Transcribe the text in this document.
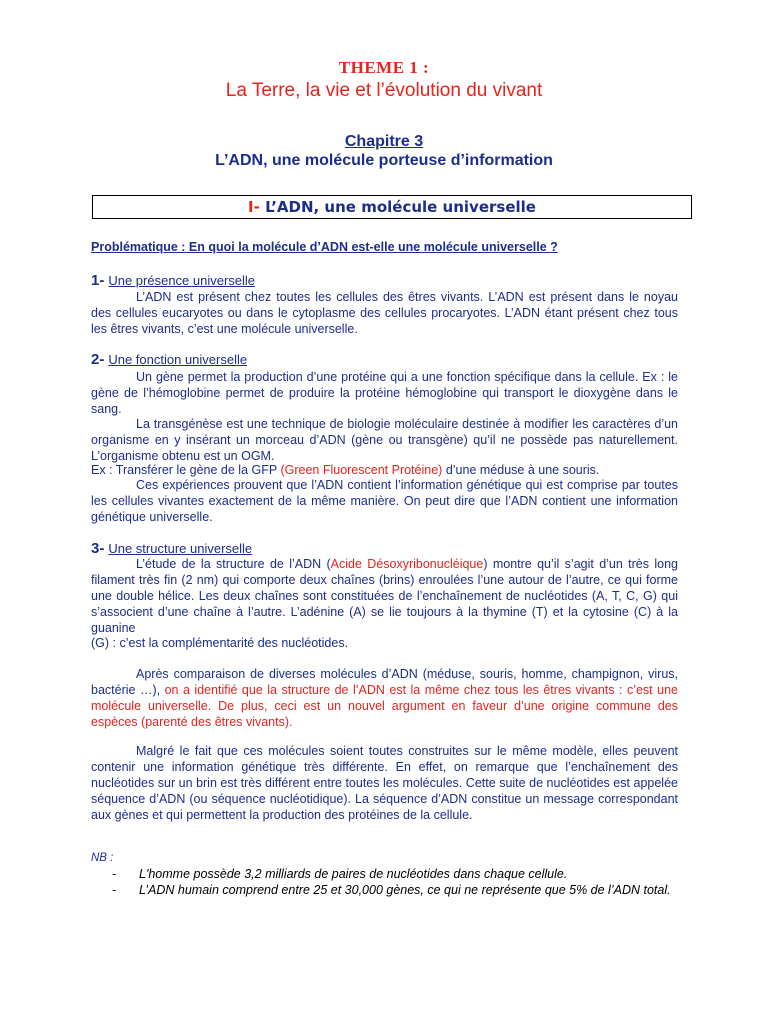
THEME 1 :
La Terre, la vie et l’évolution du vivant
Chapitre 3
L’ADN, une molécule porteuse d’information
I- L’ADN, une molécule universelle
Problématique : En quoi la molécule d’ADN est-elle une molécule universelle ?
1- Une présence universelle
L’ADN est présent chez toutes les cellules des êtres vivants. L’ADN est présent dans le noyau des cellules eucaryotes ou dans le cytoplasme des cellules procaryotes. L’ADN étant présent chez tous les êtres vivants, c’est une molécule universelle.
2- Une fonction universelle
Un gène permet la production d’une protéine qui a une fonction spécifique dans la cellule. Ex : le gène de l’hémoglobine permet de produire la protéine hémoglobine qui transport le dioxygène dans le sang.
La transgénèse est une technique de biologie moléculaire destinée à modifier les caractères d’un organisme en y insérant un morceau d’ADN (gène ou transgène) qu’il ne possède pas naturellement. L’organisme obtenu est un OGM.
Ex : Transférer le gène de la GFP (Green Fluorescent Protéine) d’une méduse à une souris.
Ces expériences prouvent que l’ADN contient l’information génétique qui est comprise par toutes les cellules vivantes exactement de la même manière. On peut dire que l’ADN contient une information génétique universelle.
3- Une structure universelle
L’étude de la structure de l’ADN (Acide Désoxyribonucléique) montre qu’il s’agit d’un très long filament très fin (2 nm) qui comporte deux chaînes (brins) enroulées l’une autour de l’autre, ce qui forme une double hélice. Les deux chaînes sont constituées de l’enchaînement de nucléotides (A, T, C, G) qui s’associent d’une chaîne à l’autre. L’adénine (A) se lie toujours à la thymine (T) et la cytosine (C) à la guanine
(G) : c’est la complémentarité des nucléotides.
Après comparaison de diverses molécules d’ADN (méduse, souris, homme, champignon, virus, bactérie …), on a identifié que la structure de l’ADN est la même chez tous les êtres vivants : c’est une molécule universelle. De plus, ceci est un nouvel argument en faveur d’une origine commune des espèces (parenté des êtres vivants).
Malgré le fait que ces molécules soient toutes construites sur le même modèle, elles peuvent contenir une information génétique très différente. En effet, on remarque que l’enchaînement des nucléotides sur un brin est très différent entre toutes les molécules. Cette suite de nucléotides est appelée séquence d’ADN (ou séquence nucléotidique). La séquence d’ADN constitue un message correspondant aux gènes et qui permettent la production des protéines de la cellule.
NB :
- L'homme possède 3,2 milliards de paires de nucléotides dans chaque cellule.
- L’ADN humain comprend entre 25 et 30,000 gènes, ce qui ne représente que 5% de l’ADN total.
